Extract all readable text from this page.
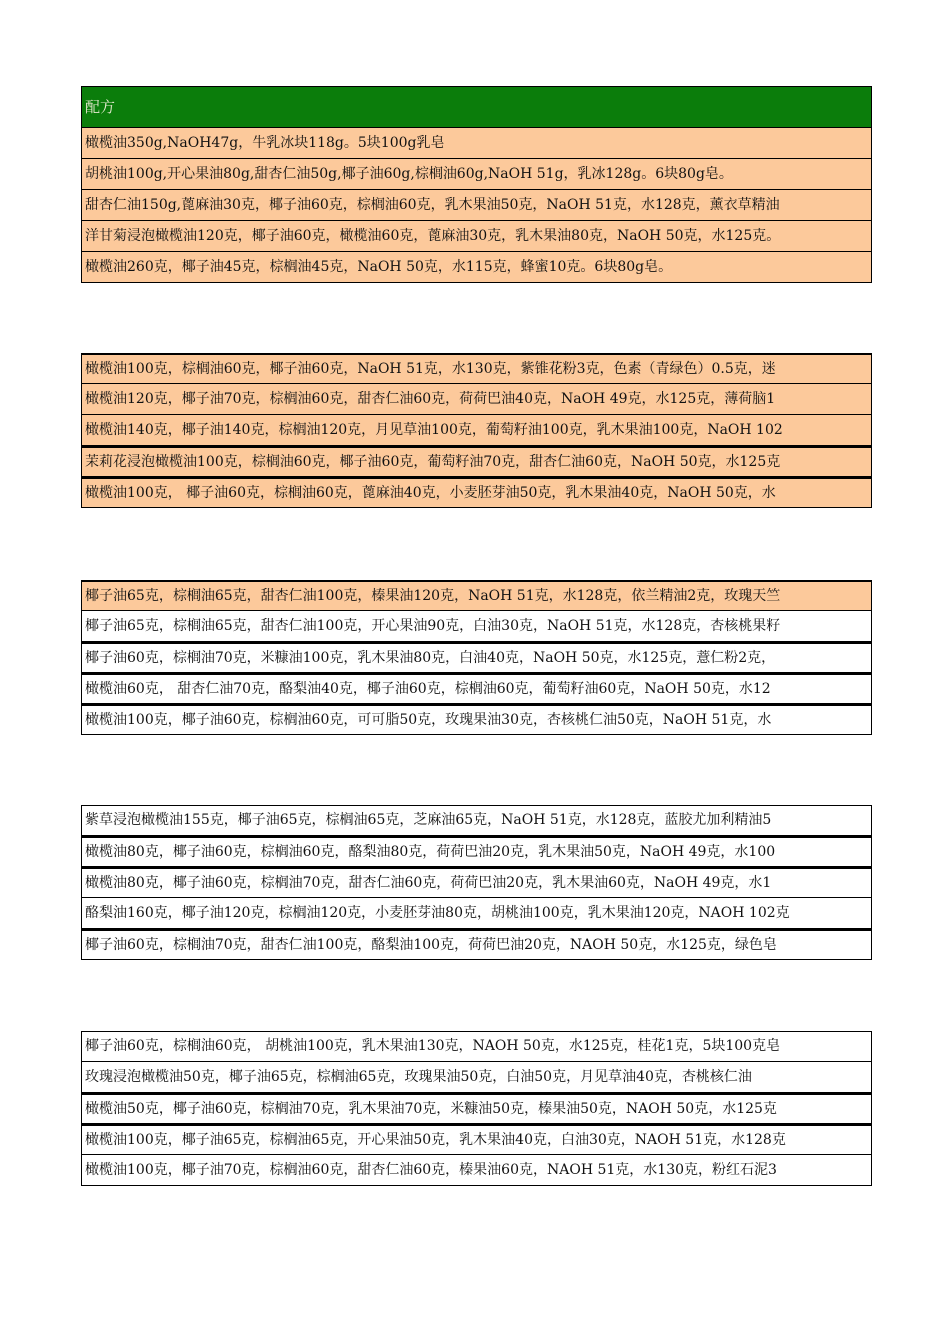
配方
橄榄油350g,NaOH47g，牛乳冰块118g。5块100g乳皂
胡桃油100g,开心果油80g,甜杏仁油50g,椰子油60g,棕榈油60g,NaOH 51g，乳冰128g。6块80g皂。
甜杏仁油150g,蓖麻油30克，椰子油60克，棕榈油60克，乳木果油50克，NaOH 51克，水128克，薰衣草精油
洋甘菊浸泡橄榄油120克，椰子油60克，橄榄油60克，蓖麻油30克，乳木果油80克，NaOH 50克，水125克。
橄榄油260克，椰子油45克，棕榈油45克，NaOH 50克，水115克，蜂蜜10克。6块80g皂。
橄榄油100克，棕榈油60克，椰子油60克，NaOH 51克，水130克，紫锥花粉3克，色素（青绿色）0.5克，迷
橄榄油120克，椰子油70克，棕榈油60克，甜杏仁油60克，荷荷巴油40克，NaOH 49克，水125克，薄荷脑1
橄榄油140克，椰子油140克，棕榈油120克，月见草油100克，葡萄籽油100克，乳木果油100克，NaOH 102
茉莉花浸泡橄榄油100克，棕榈油60克，椰子油60克，葡萄籽油70克，甜杏仁油60克，NaOH 50克，水125克
橄榄油100克， 椰子油60克，棕榈油60克，蓖麻油40克，小麦胚芽油50克，乳木果油40克，NaOH 50克，水
椰子油65克，棕榈油65克，甜杏仁油100克，榛果油120克，NaOH 51克，水128克，依兰精油2克，玫瑰天竺
椰子油65克，棕榈油65克，甜杏仁油100克，开心果油90克，白油30克，NaOH 51克，水128克，杏核桃果籽
椰子油60克，棕榈油70克，米糠油100克，乳木果油80克，白油40克，NaOH 50克，水125克，薏仁粉2克，
橄榄油60克， 甜杏仁油70克，酪梨油40克，椰子油60克，棕榈油60克，葡萄籽油60克，NaOH 50克，水12
橄榄油100克，椰子油60克，棕榈油60克，可可脂50克，玫瑰果油30克，杏核桃仁油50克，NaOH 51克，水
紫草浸泡橄榄油155克，椰子油65克，棕榈油65克，芝麻油65克，NaOH 51克，水128克，蓝胶尤加利精油5
橄榄油80克，椰子油60克，棕榈油60克，酪梨油80克，荷荷巴油20克，乳木果油50克，NaOH 49克，水100
橄榄油80克，椰子油60克，棕榈油70克，甜杏仁油60克，荷荷巴油20克，乳木果油60克，NaOH 49克，水1
酪梨油160克，椰子油120克，棕榈油120克，小麦胚芽油80克，胡桃油100克，乳木果油120克，NAOH 102克
椰子油60克，棕榈油70克，甜杏仁油100克，酪梨油100克，荷荷巴油20克，NAOH 50克，水125克，绿色皂
椰子油60克，棕榈油60克， 胡桃油100克，乳木果油130克，NAOH 50克，水125克，桂花1克，5块100克皂
玫瑰浸泡橄榄油50克，椰子油65克，棕榈油65克，玫瑰果油50克，白油50克，月见草油40克，杏桃核仁油
橄榄油50克，椰子油60克，棕榈油70克，乳木果油70克，米糠油50克，榛果油50克，NAOH 50克，水125克
橄榄油100克，椰子油65克，棕榈油65克，开心果油50克，乳木果油40克，白油30克，NAOH 51克，水128克
橄榄油100克，椰子油70克，棕榈油60克，甜杏仁油60克，榛果油60克，NAOH 51克，水130克，粉红石泥3
